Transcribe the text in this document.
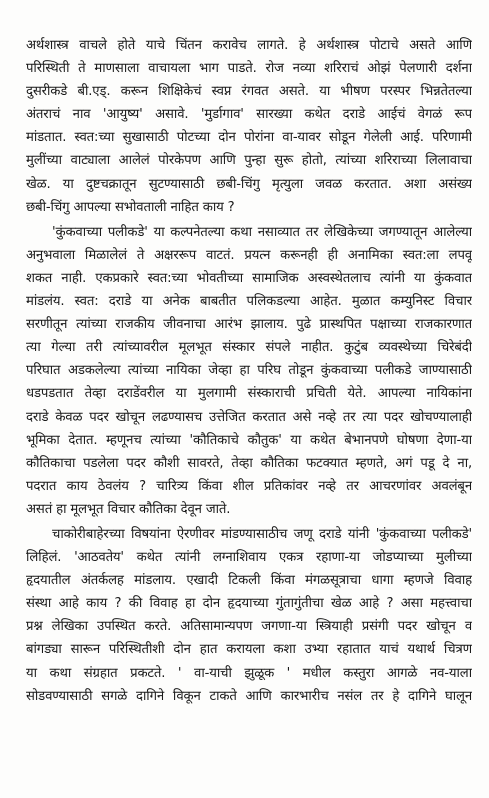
अर्थशास्त्र वाचले होते याचे चिंतन करावेच लागते. हे अर्थशास्त्र पोटाचे असते आणि
परिस्थिती ते माणसाला वाचायला भाग पाडते. रोज नव्या शरिराचं ओझं पेलणारी दर्शना
दुसरीकडे बी.एड्. करून शिक्षिकेचं स्वप्न रंगवत असते. या भीषण परस्पर भिन्नतेतल्या
अंतराचं नाव 'आयुष्य' असावे. 'मुर्डागाव' सारख्या कथेत दराडे आईचं वेगळं रूप
मांडतात. स्वत:च्या सुखासाठी पोटच्या दोन पोरांना वा-यावर सोडून गेलेली आई. परिणामी
मुलींच्या वाट्याला आलेलं पोरकेपण आणि पुन्हा सुरू होतो, त्यांच्या शरिराच्या लिलावाचा
खेळ. या दुष्टचक्रातून सुटण्यासाठी छबी-चिंगु मृत्युला जवळ करतात. अशा असंख्य
छबी-चिंगु आपल्या सभोवताली नाहित काय ?
'कुंकवाच्या पलीकडे' या कल्पनेतल्या कथा नसाव्यात तर लेखिकेच्या जगण्यातून आलेल्या
अनुभवाला मिळालेलं ते अक्षररूप वाटतं. प्रयत्न करूनही ही अनामिका स्वत:ला लपवू
शकत नाही. एकप्रकारे स्वत:च्या भोवतीच्या सामाजिक अस्वस्थेतलाच त्यांनी या कुंकवात
मांडलंय. स्वत: दराडे या अनेक बाबतीत पलिकडल्या आहेत. मुळात कम्युनिस्ट विचार
सरणीतून त्यांच्या राजकीय जीवनाचा आरंभ झालाय. पुढे प्रास्थपित पक्षाच्या राजकारणात
त्या गेल्या तरी त्यांच्यावरील मूलभूत संस्कार संपले नाहीत. कुटुंब व्यवस्थेच्या चिरेबंदी
परिघात अडकलेल्या त्यांच्या नायिका जेव्हा हा परिघ तोडून कुंकवाच्या पलीकडे जाण्यासाठी
धडपडतात तेव्हा दराडेंवरील या मुलगामी संस्काराची प्रचिती येते. आपल्या नायिकांना
दराडे केवळ पदर खोचून लढण्यासच उत्तेजित करतात असे नव्हे तर त्या पदर खोचण्यालाही
भूमिका देतात. म्हणूनच त्यांच्या 'कौतिकाचे कौतुक' या कथेत बेभानपणे घोषणा देणा-या
कौतिकाचा पडलेला पदर कौशी सावरते, तेव्हा कौतिका फटक्यात म्हणते, अगं पडू दे ना,
पदरात काय ठेवलंय ? चारित्र्य किंवा शील प्रतिकांवर नव्हे तर आचरणांवर अवलंबून
असतं हा मूलभूत विचार कौतिका देवून जाते.
चाकोरीबाहेरच्या विषयांना ऐरणीवर मांडण्यासाठीच जणू दराडे यांनी 'कुंकवाच्या पलीकडे'
लिहिलं. 'आठवतेय' कथेत त्यांनी लग्नाशिवाय एकत्र रहाणा-या जोडप्याच्या मुलीच्या
हृदयातील अंतर्कलह मांडलाय. एखादी टिकली किंवा मंगळसूत्राचा धागा म्हणजे विवाह
संस्था आहे काय ? की विवाह हा दोन हृदयाच्या गुंतागुंतीचा खेळ आहे ? असा महत्त्वाचा
प्रश्न लेखिका उपस्थित करते. अतिसामान्यपण जगणा-या स्त्रियाही प्रसंगी पदर खोचून व
बांगड्या सारून परिस्थितीशी दोन हात करायला कशा उभ्या रहातात याचं यथार्थ चित्रण
या कथा संग्रहात प्रकटते. ' वा-याची झुळूक ' मधील कस्तुरा आगळे नव-याला
सोडवण्यासाठी सगळे दागिने विकून टाकते आणि कारभारीच नसंल तर हे दागिने घालून
